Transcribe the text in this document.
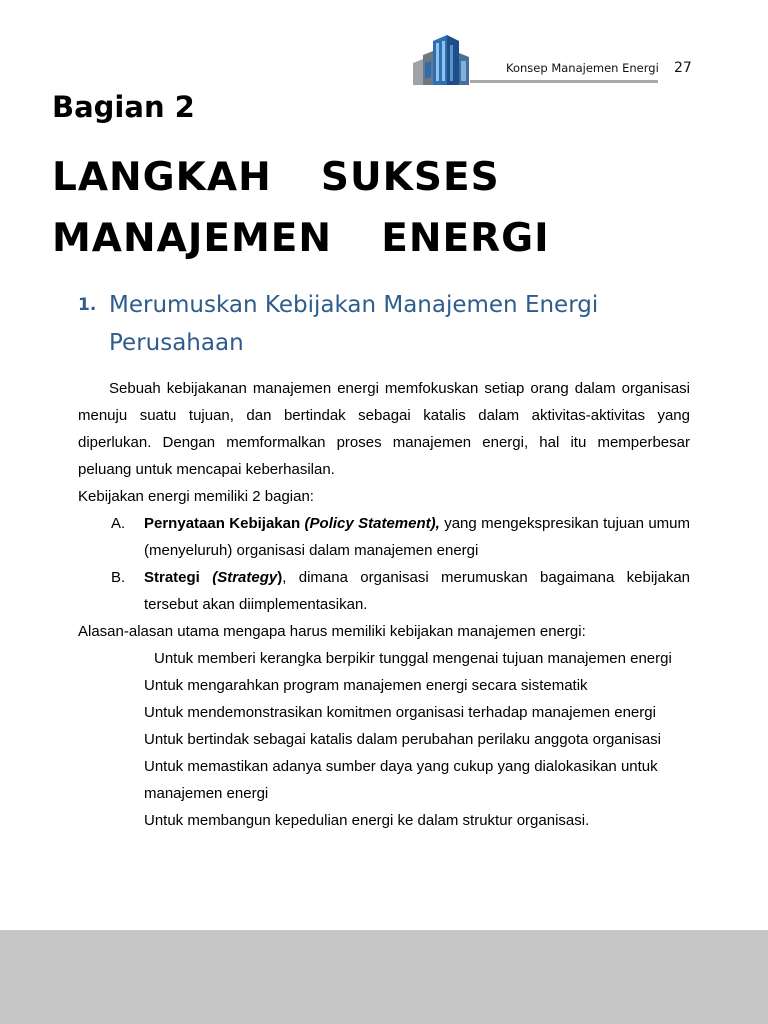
Konsep Manajemen Energi 27
Bagian 2
LANGKAH  SUKSES
MANAJEMEN  ENERGI
1. Merumuskan Kebijakan Manajemen Energi
Perusahaan

Sebuah kebijakanan manajemen energi memfokuskan setiap orang dalam organisasi menuju suatu tujuan, dan bertindak sebagai katalis dalam aktivitas-aktivitas yang diperlukan. Dengan memformalkan proses manajemen energi, hal itu memperbesar peluang untuk mencapai keberhasilan.

Kebijakan energi memiliki 2 bagian:

A.	Pernyataan Kebijakan (Policy Statement), yang mengekspresikan tujuan umum (menyeluruh) organisasi dalam manajemen energi
B.	Strategi (Strategy), dimana organisasi merumuskan bagaimana kebijakan tersebut akan diimplementasikan.

Alasan-alasan utama mengapa harus memiliki kebijakan manajemen energi:

Untuk memberi kerangka berpikir tunggal mengenai tujuan manajemen energi
Untuk mengarahkan program manajemen energi secara sistematik
Untuk mendemonstrasikan komitmen organisasi terhadap manajemen energi
Untuk bertindak sebagai katalis dalam perubahan perilaku anggota organisasi
Untuk memastikan adanya sumber daya yang cukup yang dialokasikan untuk manajemen energi
Untuk membangun kepedulian energi ke dalam struktur organisasi.
